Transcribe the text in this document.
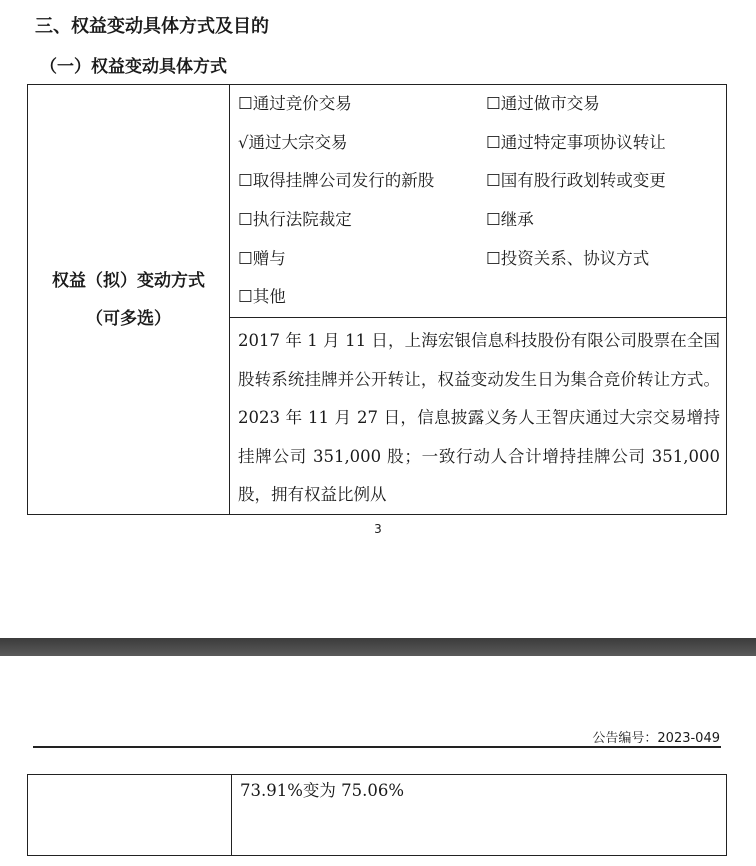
三、权益变动具体方式及目的
（一）权益变动具体方式
权益（拟）变动方式
（可多选）

☐通过竞价交易	☐通过做市交易
√通过大宗交易	☐通过特定事项协议转让
☐取得挂牌公司发行的新股	☐国有股行政划转或变更
☐执行法院裁定	☐继承
☐赠与	☐投资关系、协议方式
☐其他

2017 年 1 月 11 日，上海宏银信息科技股份有限公司股票在全国股转系统挂牌并公开转让，权益变动发生日为集合竞价转让方式。2023 年 11 月 27 日，信息披露义务人王智庆通过大宗交易增持挂牌公司 351,000 股；一致行动人合计增持挂牌公司 351,000 股，拥有权益比例从
3
公告编号：2023-049
	73.91%变为 75.06%
